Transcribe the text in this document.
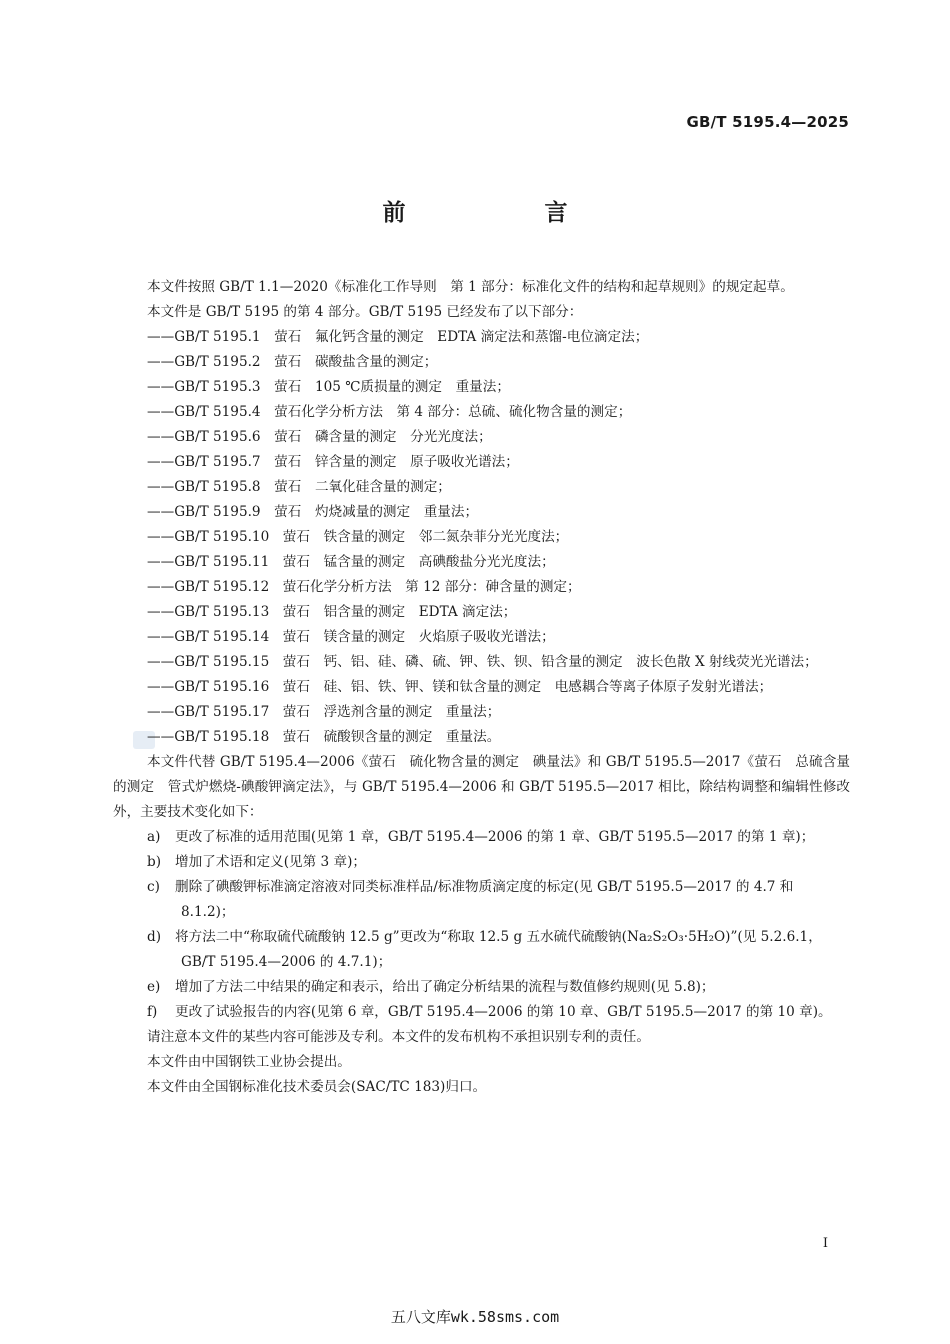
GB/T 5195.4—2025
前　言
本文件按照 GB/T 1.1—2020《标准化工作导则　第 1 部分：标准化文件的结构和起草规则》的规定起草。
本文件是 GB/T 5195 的第 4 部分。GB/T 5195 已经发布了以下部分：
——GB/T 5195.1　萤石　氟化钙含量的测定　EDTA 滴定法和蒸馏-电位滴定法；
——GB/T 5195.2　萤石　碳酸盐含量的测定；
——GB/T 5195.3　萤石　105 ℃质损量的测定　重量法；
——GB/T 5195.4　萤石化学分析方法　第 4 部分：总硫、硫化物含量的测定；
——GB/T 5195.6　萤石　磷含量的测定　分光光度法；
——GB/T 5195.7　萤石　锌含量的测定　原子吸收光谱法；
——GB/T 5195.8　萤石　二氧化硅含量的测定；
——GB/T 5195.9　萤石　灼烧减量的测定　重量法；
——GB/T 5195.10　萤石　铁含量的测定　邻二氮杂菲分光光度法；
——GB/T 5195.11　萤石　锰含量的测定　高碘酸盐分光光度法；
——GB/T 5195.12　萤石化学分析方法　第 12 部分：砷含量的测定；
——GB/T 5195.13　萤石　铝含量的测定　EDTA 滴定法；
——GB/T 5195.14　萤石　镁含量的测定　火焰原子吸收光谱法；
——GB/T 5195.15　萤石　钙、铝、硅、磷、硫、钾、铁、钡、铅含量的测定　波长色散 X 射线荧光光谱法；
——GB/T 5195.16　萤石　硅、铝、铁、钾、镁和钛含量的测定　电感耦合等离子体原子发射光谱法；
——GB/T 5195.17　萤石　浮选剂含量的测定　重量法；
——GB/T 5195.18　萤石　硫酸钡含量的测定　重量法。
本文件代替 GB/T 5195.4—2006《萤石　硫化物含量的测定　碘量法》和 GB/T 5195.5—2017《萤石　总硫含量的测定　管式炉燃烧-碘酸钾滴定法》，与 GB/T 5195.4—2006 和 GB/T 5195.5—2017 相比，除结构调整和编辑性修改外，主要技术变化如下：
a) 更改了标准的适用范围(见第 1 章，GB/T 5195.4—2006 的第 1 章、GB/T 5195.5—2017 的第 1 章)；
b) 增加了术语和定义(见第 3 章)；
c) 删除了碘酸钾标准滴定溶液对同类标准样品/标准物质滴定度的标定(见 GB/T 5195.5—2017 的 4.7 和 8.1.2)；
d) 将方法二中“称取硫代硫酸钠 12.5 g”更改为“称取 12.5 g 五水硫代硫酸钠(Na₂S₂O₃·5H₂O)”(见 5.2.6.1，GB/T 5195.4—2006 的 4.7.1)；
e) 增加了方法二中结果的确定和表示，给出了确定分析结果的流程与数值修约规则(见 5.8)；
f) 更改了试验报告的内容(见第 6 章，GB/T 5195.4—2006 的第 10 章、GB/T 5195.5—2017 的第 10 章)。
请注意本文件的某些内容可能涉及专利。本文件的发布机构不承担识别专利的责任。
本文件由中国钢铁工业协会提出。
本文件由全国钢标准化技术委员会(SAC/TC 183)归口。
I
五八文库wk.58sms.com
